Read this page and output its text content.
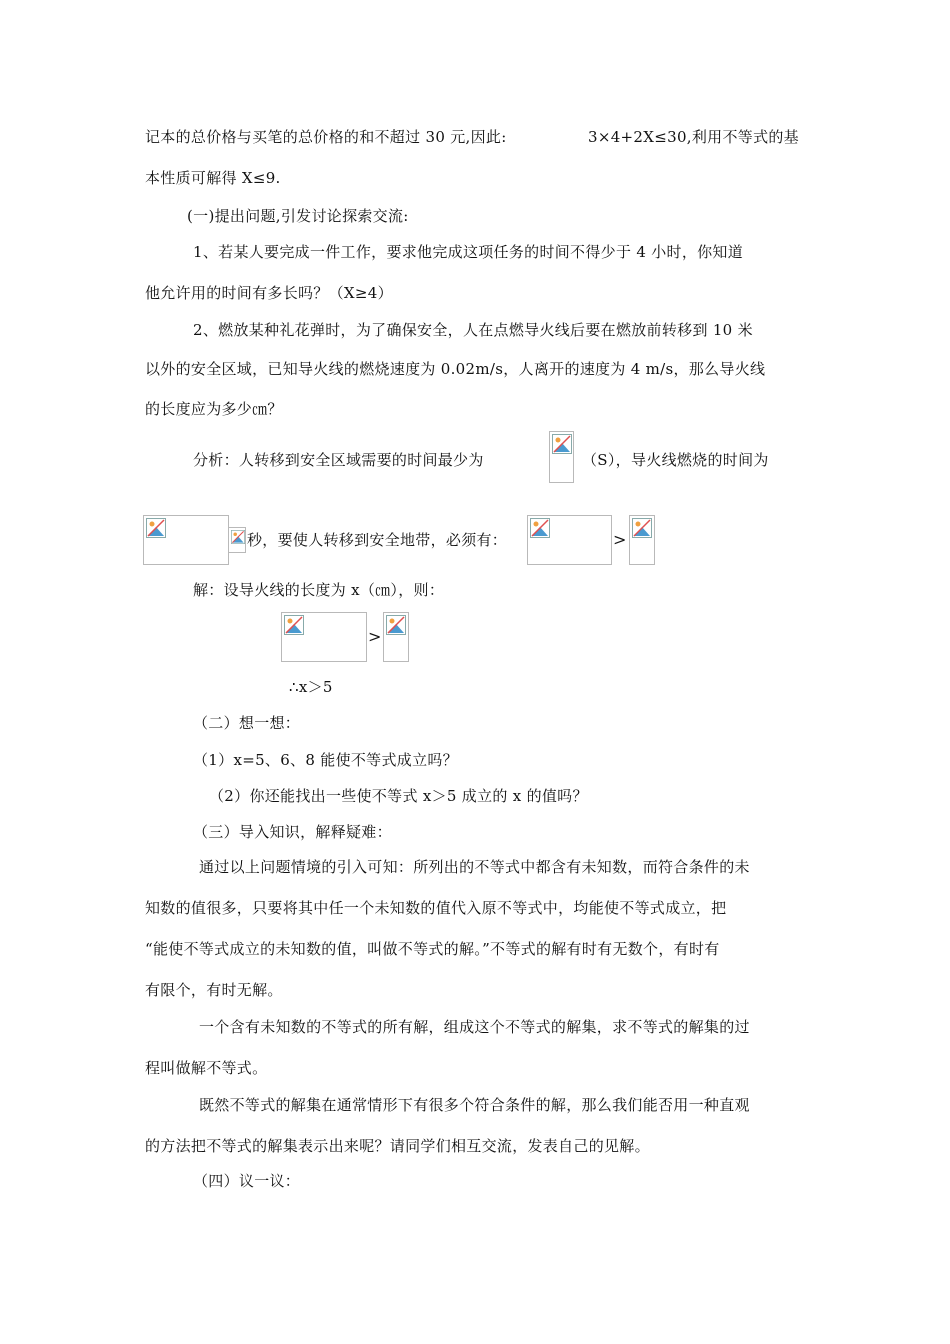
记本的总价格与买笔的总价格的和不超过 30 元,因此:	3×4+2X≤30,利用不等式的基
本性质可解得 X≤9.
(一)提出问题,引发讨论探索交流:
1、若某人要完成一件工作，要求他完成这项任务的时间不得少于 4 小时，你知道
他允许用的时间有多长吗？（X≥4）
2、燃放某种礼花弹时，为了确保安全，人在点燃导火线后要在燃放前转移到 10 米
以外的安全区域，已知导火线的燃烧速度为 0.02m/s，人离开的速度为 4 m/s，那么导火线
的长度应为多少㎝？
分析：人转移到安全区域需要的时间最少为	（S），导火线燃烧的时间为
秒，要使人转移到安全地带，必须有：	>
解：设导火线的长度为 x（㎝），则：
>
∴x＞5
（二）想一想：
（1）x=5、6、8 能使不等式成立吗？
（2）你还能找出一些使不等式 x＞5 成立的 x 的值吗？
（三）导入知识，解释疑难：
通过以上问题情境的引入可知：所列出的不等式中都含有未知数，而符合条件的未
知数的值很多，只要将其中任一个未知数的值代入原不等式中，均能使不等式成立，把
“能使不等式成立的未知数的值，叫做不等式的解。”不等式的解有时有无数个，有时有
有限个，有时无解。
一个含有未知数的不等式的所有解，组成这个不等式的解集，求不等式的解集的过
程叫做解不等式。
既然不等式的解集在通常情形下有很多个符合条件的解，那么我们能否用一种直观
的方法把不等式的解集表示出来呢？请同学们相互交流，发表自己的见解。
（四）议一议：
